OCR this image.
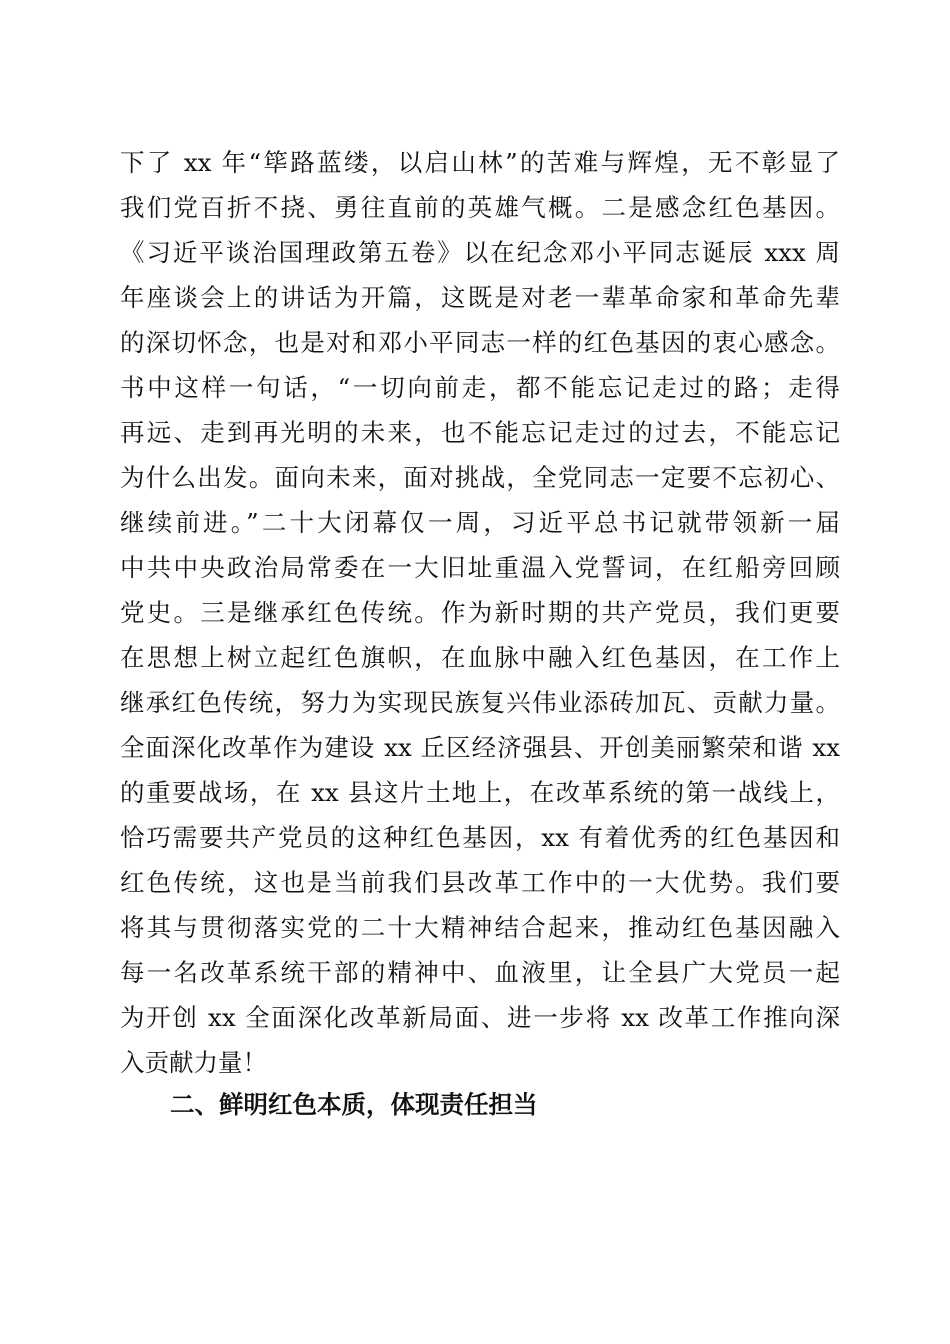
下了 xx 年“筚路蓝缕，以启山林”的苦难与辉煌，无不彰显了
我们党百折不挠、勇往直前的英雄气概。二是感念红色基因。
《习近平谈治国理政第五卷》以在纪念邓小平同志诞辰 xxx 周
年座谈会上的讲话为开篇，这既是对老一辈革命家和革命先辈
的深切怀念，也是对和邓小平同志一样的红色基因的衷心感念。
书中这样一句话，“一切向前走，都不能忘记走过的路；走得
再远、走到再光明的未来，也不能忘记走过的过去，不能忘记
为什么出发。面向未来，面对挑战，全党同志一定要不忘初心、
继续前进。”二十大闭幕仅一周，习近平总书记就带领新一届
中共中央政治局常委在一大旧址重温入党誓词，在红船旁回顾
党史。三是继承红色传统。作为新时期的共产党员，我们更要
在思想上树立起红色旗帜，在血脉中融入红色基因，在工作上
继承红色传统，努力为实现民族复兴伟业添砖加瓦、贡献力量。
全面深化改革作为建设 xx 丘区经济强县、开创美丽繁荣和谐 xx
的重要战场，在 xx 县这片土地上，在改革系统的第一战线上，
恰巧需要共产党员的这种红色基因，xx 有着优秀的红色基因和
红色传统，这也是当前我们县改革工作中的一大优势。我们要
将其与贯彻落实党的二十大精神结合起来，推动红色基因融入
每一名改革系统干部的精神中、血液里，让全县广大党员一起
为开创 xx 全面深化改革新局面、进一步将 xx 改革工作推向深
入贡献力量！
二、鲜明红色本质，体现责任担当
